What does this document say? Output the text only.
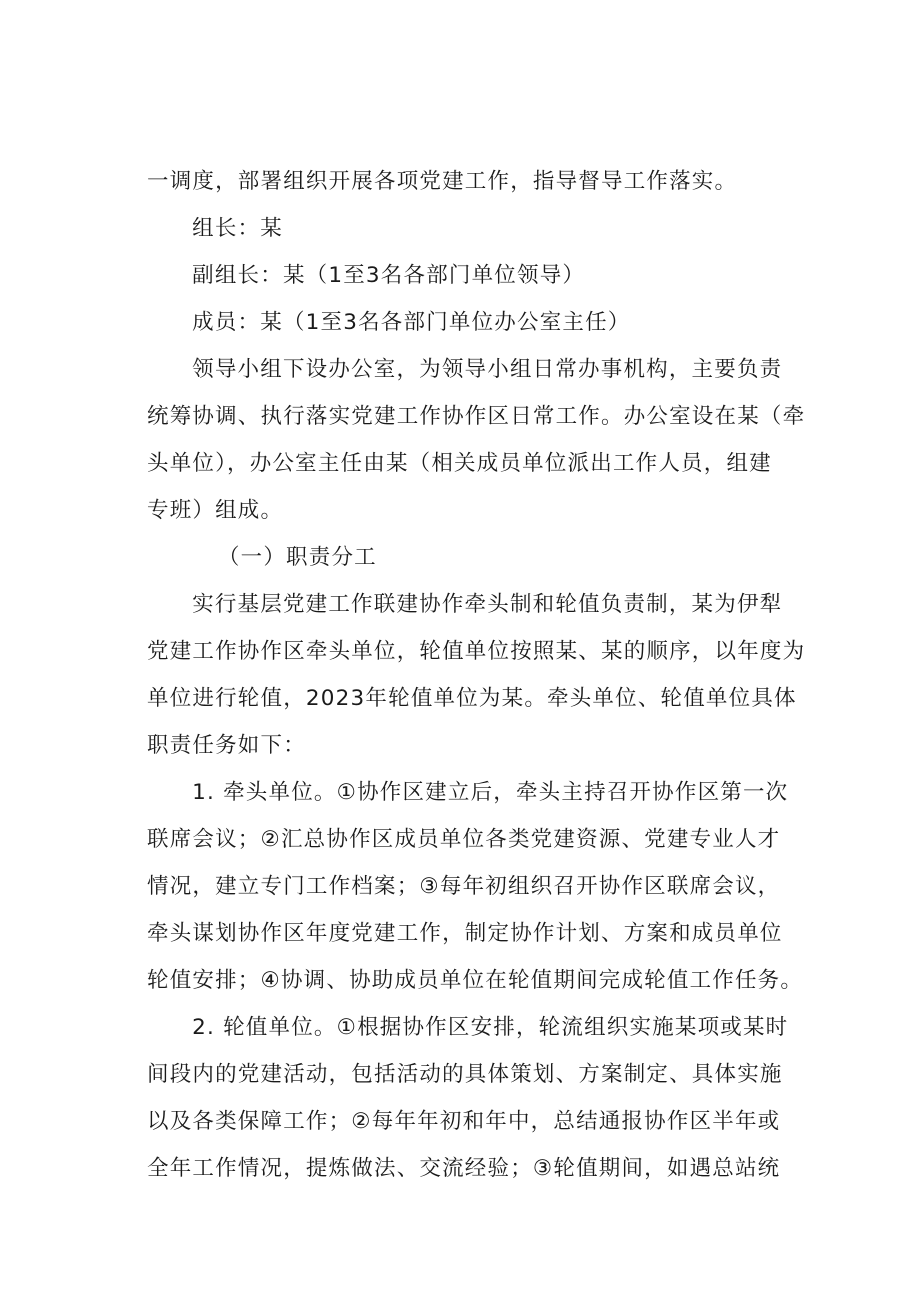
一调度，部署组织开展各项党建工作，指导督导工作落实。

组长：某

副组长：某（1至3名各部门单位领导）

成员：某（1至3名各部门单位办公室主任）

领导小组下设办公室，为领导小组日常办事机构，主要负责
统筹协调、执行落实党建工作协作区日常工作。办公室设在某（牵
头单位），办公室主任由某（相关成员单位派出工作人员，组建
专班）组成。

（一）职责分工

实行基层党建工作联建协作牵头制和轮值负责制，某为伊犁
党建工作协作区牵头单位，轮值单位按照某、某的顺序，以年度为
单位进行轮值，2023年轮值单位为某。牵头单位、轮值单位具体
职责任务如下：

1. 牵头单位。①协作区建立后，牵头主持召开协作区第一次
联席会议；②汇总协作区成员单位各类党建资源、党建专业人才
情况，建立专门工作档案；③每年初组织召开协作区联席会议，
牵头谋划协作区年度党建工作，制定协作计划、方案和成员单位
轮值安排；④协调、协助成员单位在轮值期间完成轮值工作任务。

2. 轮值单位。①根据协作区安排，轮流组织实施某项或某时
间段内的党建活动，包括活动的具体策划、方案制定、具体实施
以及各类保障工作；②每年年初和年中，总结通报协作区半年或
全年工作情况，提炼做法、交流经验；③轮值期间，如遇总站统
